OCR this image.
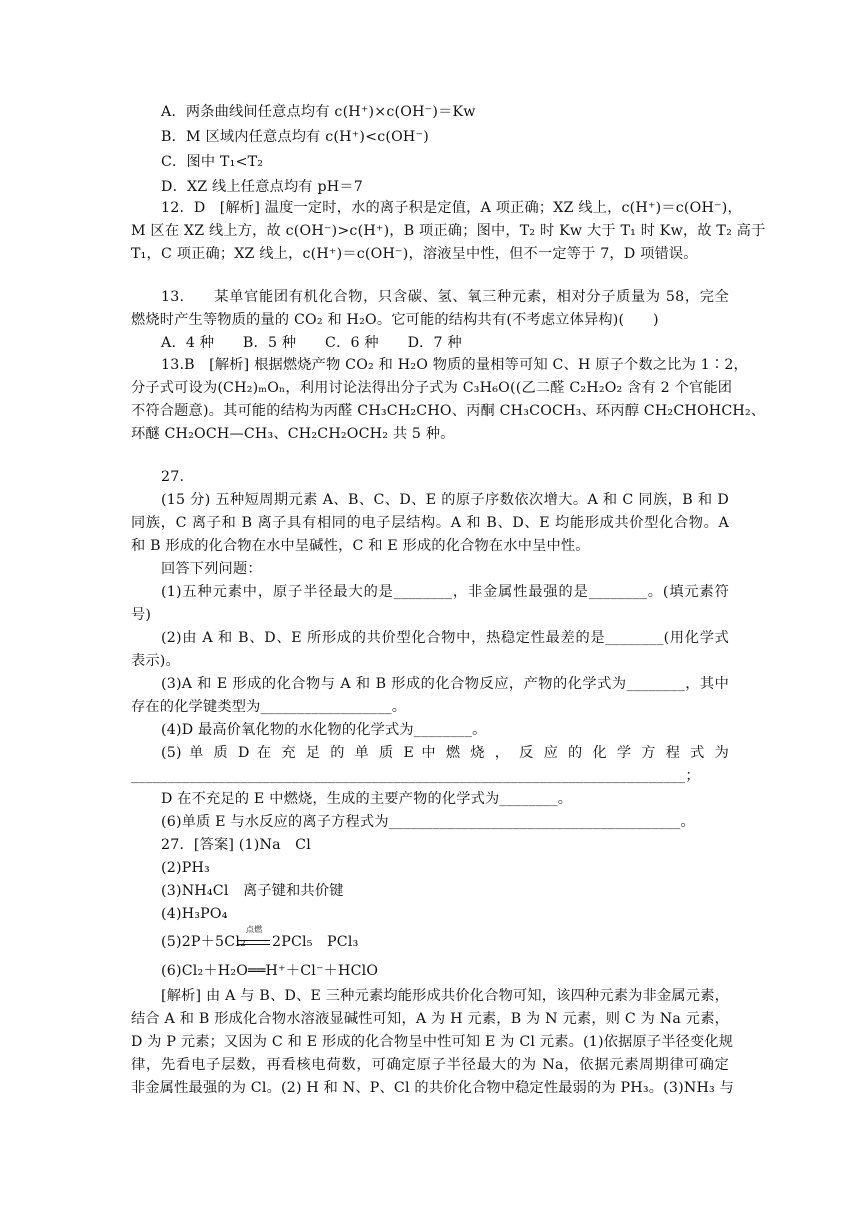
A．两条曲线间任意点均有 c(H⁺)×c(OH⁻)＝Kw
B．M 区域内任意点均有 c(H⁺)<c(OH⁻)
C．图中 T₁<T₂
D．XZ 线上任意点均有 pH＝7
12．D　[解析] 温度一定时，水的离子积是定值，A 项正确；XZ 线上，c(H⁺)＝c(OH⁻)，
M 区在 XZ 线上方，故 c(OH⁻)>c(H⁺)，B 项正确；图中，T₂ 时 Kw 大于 T₁ 时 Kw，故 T₂ 高于
T₁，C 项正确；XZ 线上，c(H⁺)＝c(OH⁻)，溶液呈中性，但不一定等于 7，D 项错误。
13.　　某单官能团有机化合物，只含碳、氢、氧三种元素，相对分子质量为 58，完全
燃烧时产生等物质的量的 CO₂ 和 H₂O。它可能的结构共有(不考虑立体异构)(　　)
A．4 种　　B．5 种　　C．6 种　　D．7 种
13.B　[解析] 根据燃烧产物 CO₂ 和 H₂O 物质的量相等可知 C、H 原子个数之比为 1∶2，
分子式可设为(CH₂)ₘOₙ，利用讨论法得出分子式为 C₃H₆O((乙二醛 C₂H₂O₂ 含有 2 个官能团
不符合题意)。其可能的结构为丙醛 CH₃CH₂CHO、丙酮 CH₃COCH₃、环丙醇 CH₂CHOHCH₂、
环醚 CH₂OCH—CH₃、CH₂CH₂OCH₂ 共 5 种。
27.
(15 分) 五种短周期元素 A、B、C、D、E 的原子序数依次增大。A 和 C 同族，B 和 D
同族，C 离子和 B 离子具有相同的电子层结构。A 和 B、D、E 均能形成共价型化合物。A
和 B 形成的化合物在水中呈碱性，C 和 E 形成的化合物在水中呈中性。
回答下列问题：
(1)五种元素中，原子半径最大的是________，非金属性最强的是________。(填元素符
号)
(2)由 A 和 B、D、E 所形成的共价型化合物中，热稳定性最差的是________(用化学式
表示)。
(3)A 和 E 形成的化合物与 A 和 B 形成的化合物反应，产物的化学式为________，其中
存在的化学键类型为__________________。
(4)D 最高价氧化物的水化物的化学式为________。
(5) 单 质 D 在 充 足 的 单 质 E 中 燃 烧 ， 反 应 的 化 学 方 程 式 为
____________________________________________________________________________；
D 在不充足的 E 中燃烧，生成的主要产物的化学式为________。
(6)单质 E 与水反应的离子方程式为________________________________________。
27．[答案] (1)Na　Cl
(2)PH₃
(3)NH₄Cl　离子键和共价键
(4)H₃PO₄
(5)2P＋5Cl₂
点燃
2PCl₅　PCl₃
(6)Cl₂＋H₂O══H⁺＋Cl⁻＋HClO
[解析] 由 A 与 B、D、E 三种元素均能形成共价化合物可知，该四种元素为非金属元素，
结合 A 和 B 形成化合物水溶液显碱性可知，A 为 H 元素，B 为 N 元素，则 C 为 Na 元素，
D 为 P 元素；又因为 C 和 E 形成的化合物呈中性可知 E 为 Cl 元素。(1)依据原子半径变化规
律，先看电子层数，再看核电荷数，可确定原子半径最大的为 Na，依据元素周期律可确定
非金属性最强的为 Cl。(2) H 和 N、P、Cl 的共价化合物中稳定性最弱的为 PH₃。(3)NH₃ 与
